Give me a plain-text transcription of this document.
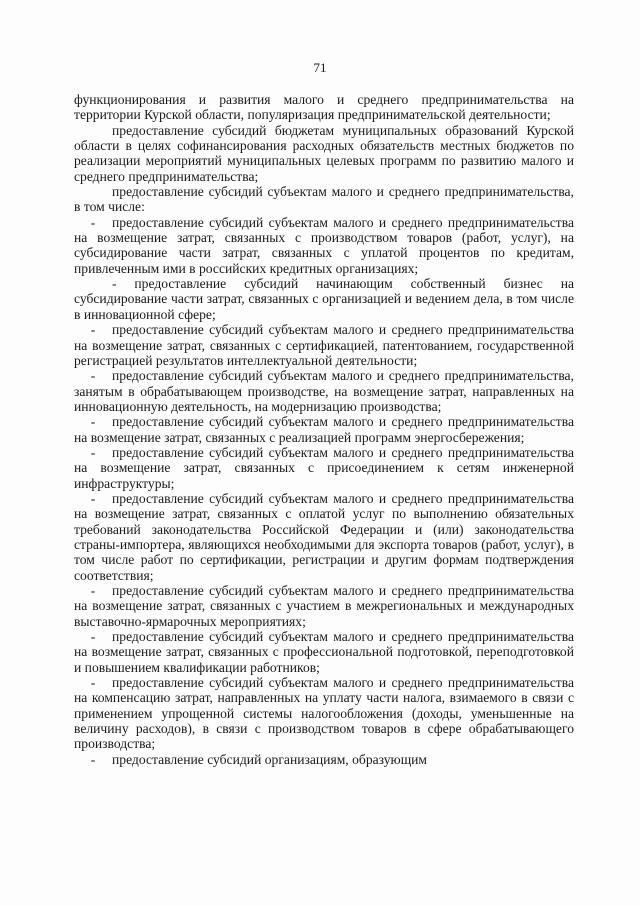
71

функционирования и развития малого и среднего предпринимательства на территории Курской области, популяризация предпринимательской деятельности;

предоставление субсидий бюджетам муниципальных образований Курской области в целях софинансирования расходных обязательств местных бюджетов по реализации мероприятий муниципальных целевых программ по развитию малого и среднего предпринимательства;

предоставление субсидий субъектам малого и среднего предпринимательства, в том числе:

- предоставление субсидий субъектам малого и среднего предпринимательства на возмещение затрат, связанных с производством товаров (работ, услуг), на субсидирование части затрат, связанных с уплатой процентов по кредитам, привлеченным ими в российских кредитных организациях;

- предоставление субсидий начинающим собственный бизнес на субсидирование части затрат, связанных с организацией и ведением дела, в том числе в инновационной сфере;

- предоставление субсидий субъектам малого и среднего предпринимательства на возмещение затрат, связанных с сертификацией, патентованием, государственной регистрацией результатов интеллектуальной деятельности;

- предоставление субсидий субъектам малого и среднего предпринимательства, занятым в обрабатывающем производстве, на возмещение затрат, направленных на инновационную деятельность, на модернизацию производства;

- предоставление субсидий субъектам малого и среднего предпринимательства на возмещение затрат, связанных с реализацией программ энергосбережения;

- предоставление субсидий субъектам малого и среднего предпринимательства на возмещение затрат, связанных с присоединением к сетям инженерной инфраструктуры;

- предоставление субсидий субъектам малого и среднего предпринимательства на возмещение затрат, связанных с оплатой услуг по выполнению обязательных требований законодательства Российской Федерации и (или) законодательства страны-импортера, являющихся необходимыми для экспорта товаров (работ, услуг), в том числе работ по сертификации, регистрации и другим формам подтверждения соответствия;

- предоставление субсидий субъектам малого и среднего предпринимательства на возмещение затрат, связанных с участием в межрегиональных и международных выставочно-ярмарочных мероприятиях;

- предоставление субсидий субъектам малого и среднего предпринимательства на возмещение затрат, связанных с профессиональной подготовкой, переподготовкой и повышением квалификации работников;

- предоставление субсидий субъектам малого и среднего предпринимательства на компенсацию затрат, направленных на уплату части налога, взимаемого в связи с применением упрощенной системы налогообложения (доходы, уменьшенные на величину расходов), в связи с производством товаров в сфере обрабатывающего производства;

- предоставление субсидий организациям, образующим
